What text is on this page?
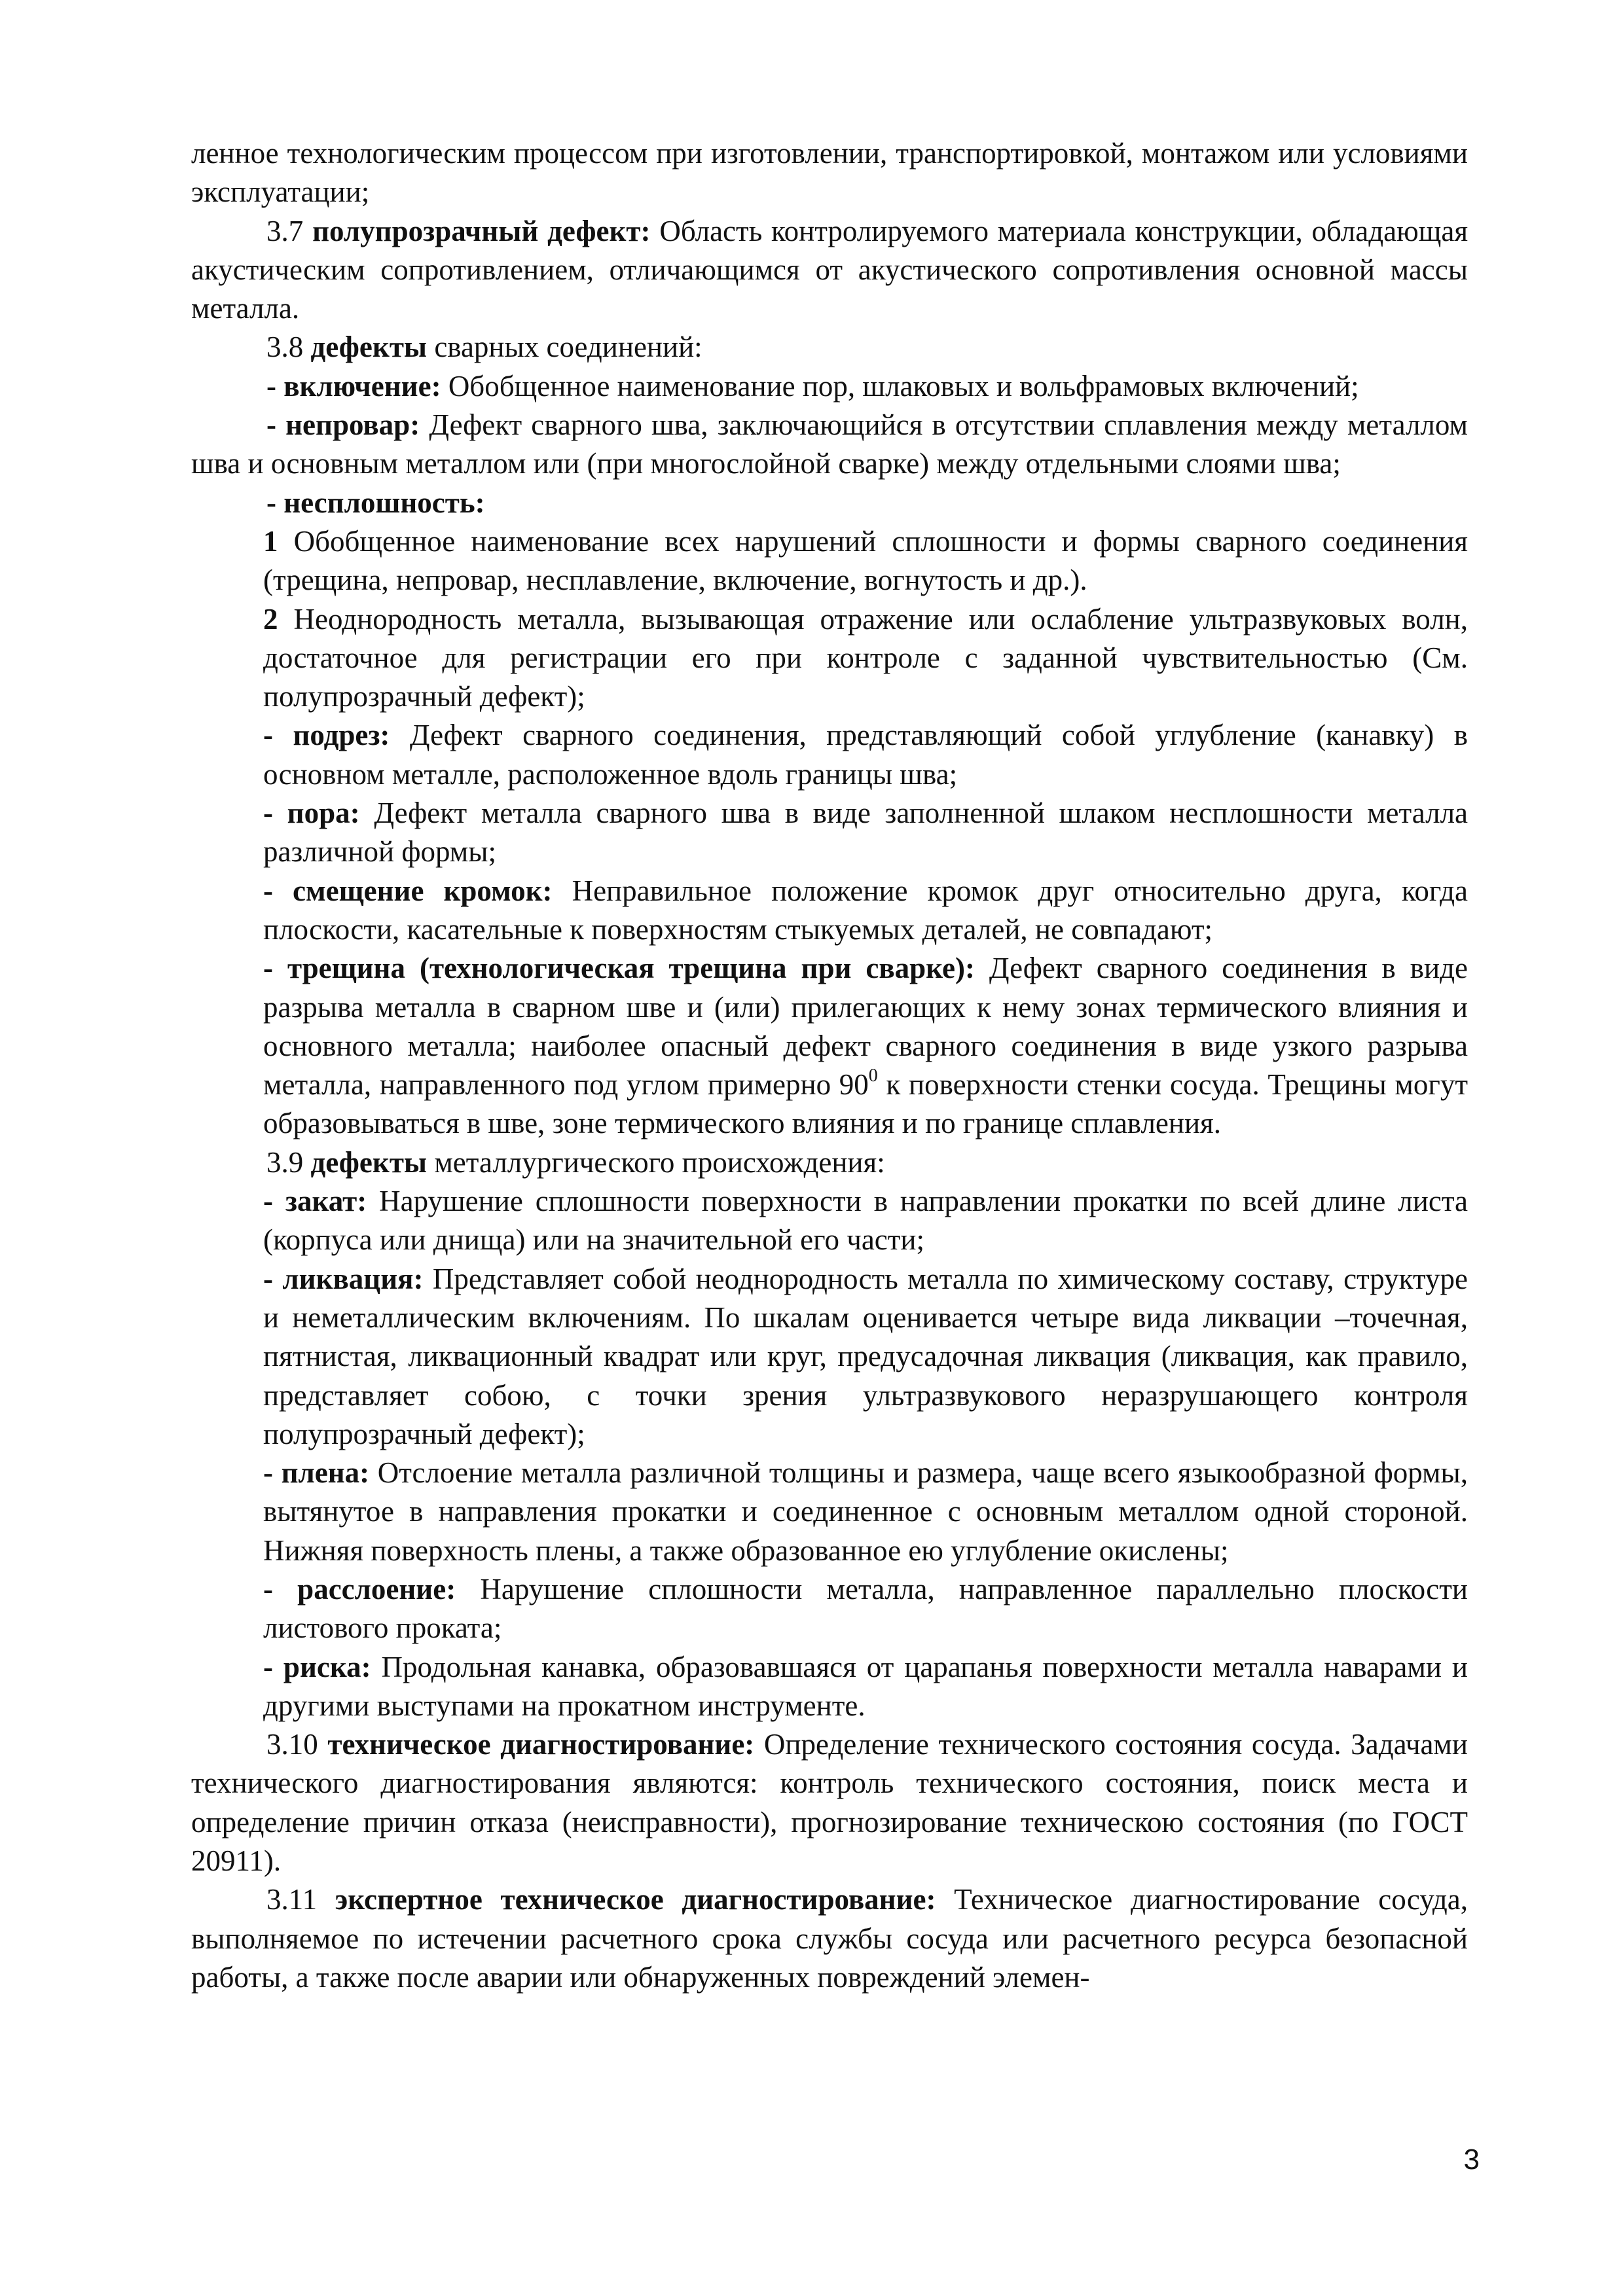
ленное технологическим процессом при изготовлении, транспортировкой, монтажом или условиями эксплуатации;

3.7 полупрозрачный дефект: Область контролируемого материала конструкции, обладающая акустическим сопротивлением, отличающимся от акустического сопротивления основной массы металла.

3.8 дефекты сварных соединений:

- включение: Обобщенное наименование пор, шлаковых и вольфрамовых включений;

- непровар: Дефект сварного шва, заключающийся в отсутствии сплавления между металлом шва и основным металлом или (при многослойной сварке) между отдельными слоями шва;

- несплошность:

1 Обобщенное наименование всех нарушений сплошности и формы сварного соединения (трещина, непровар, несплавление, включение, вогнутость и др.).

2 Неоднородность металла, вызывающая отражение или ослабление ультразвуковых волн, достаточное для регистрации его при контроле с заданной чувствительностью (См. полупрозрачный дефект);

- подрез: Дефект сварного соединения, представляющий собой углубление (канавку) в основном металле, расположенное вдоль границы шва;

- пора: Дефект металла сварного шва в виде заполненной шлаком несплошности металла различной формы;

- смещение кромок: Неправильное положение кромок друг относительно друга, когда плоскости, касательные к поверхностям стыкуемых деталей, не совпадают;

- трещина (технологическая трещина при сварке): Дефект сварного соединения в виде разрыва металла в сварном шве и (или) прилегающих к нему зонах термического влияния и основного металла; наиболее опасный дефект сварного соединения в виде узкого разрыва металла, направленного под углом примерно $90^0$ к поверхности стенки сосуда. Трещины могут образовываться в шве, зоне термического влияния и по границе сплавления.

3.9 дефекты металлургического происхождения:

- закат: Нарушение сплошности поверхности в направлении прокатки по всей длине листа (корпуса или днища) или на значительной его части;

- ликвация: Представляет собой неоднородность металла по химическому составу, структуре и неметаллическим включениям. По шкалам оценивается четыре вида ликвации –точечная, пятнистая, ликвационный квадрат или круг, предусадочная ликвация (ликвация, как правило, представляет собою, с точки зрения ультразвукового неразрушающего контроля полупрозрачный дефект);

- плена: Отслоение металла различной толщины и размера, чаще всего языкообразной формы, вытянутое в направления прокатки и соединенное с основным металлом одной стороной. Нижняя поверхность плены, а также образованное ею углубление окислены;

- расслоение: Нарушение сплошности металла, направленное параллельно плоскости листового проката;

- риска: Продольная канавка, образовавшаяся от царапанья поверхности металла наварами и другими выступами на прокатном инструменте.

3.10 техническое диагностирование: Определение технического состояния сосуда. Задачами технического диагностирования являются: контроль технического состояния, поиск места и определение причин отказа (неисправности), прогнозирование техническою состояния (по ГОСТ 20911).

3.11 экспертное техническое диагностирование: Техническое диагностирование сосуда, выполняемое по истечении расчетного срока службы сосуда или расчетного ресурса безопасной работы, а также после аварии или обнаруженных повреждений элемен-

3
